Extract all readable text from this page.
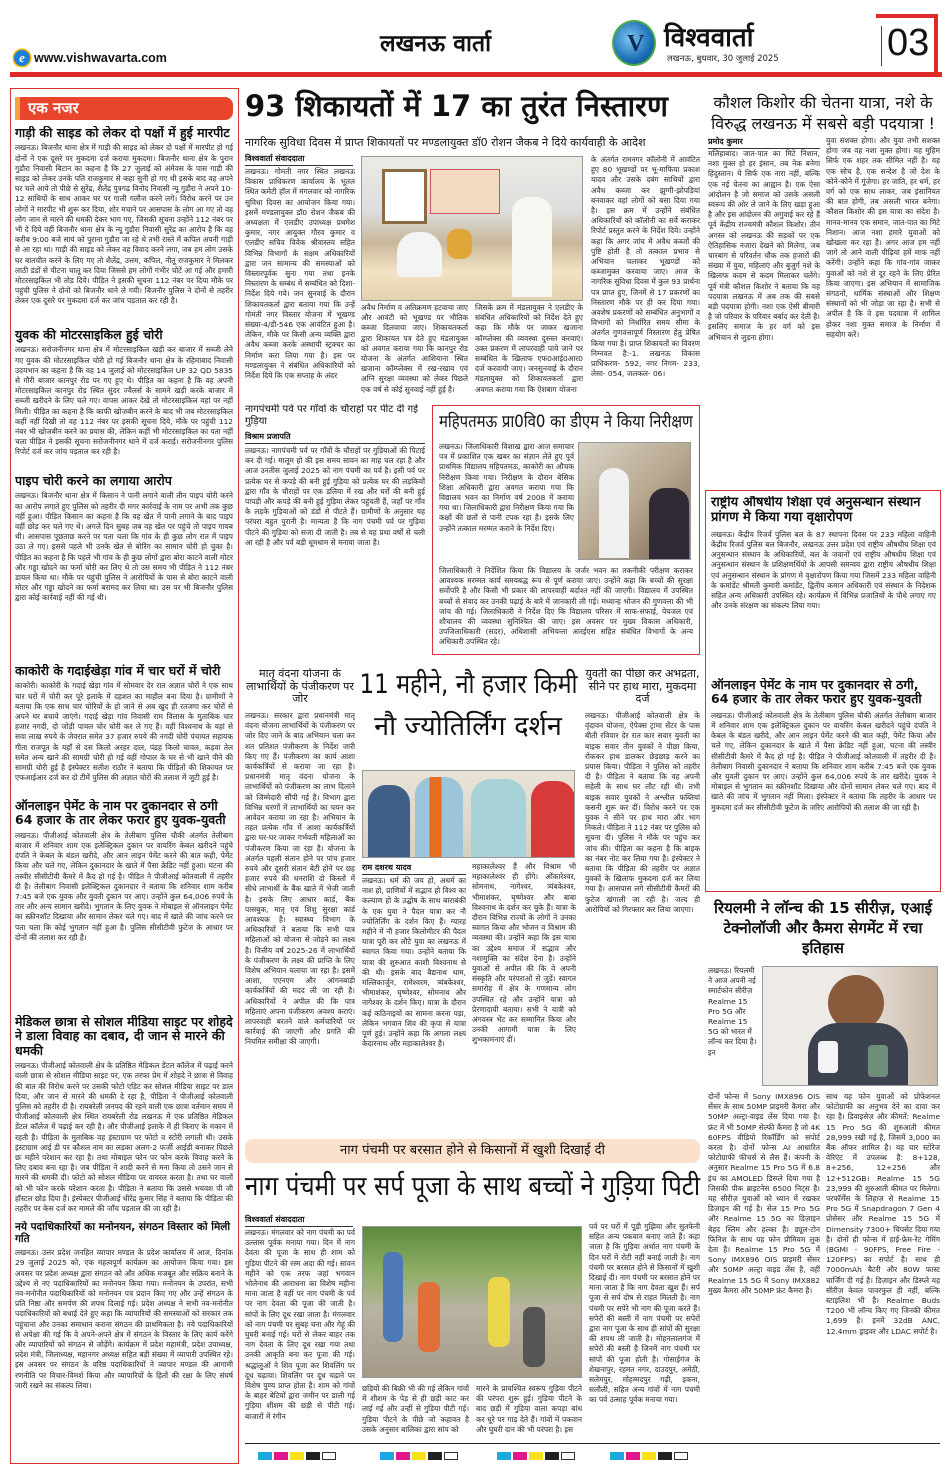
e www.vishwavarta.com
लखनऊ वार्ता	V विश्ववार्ता
लखनऊ, बुधवार, 30 जुलाई 2025	03
एक नजर
गाड़ी की साइड को लेकर दो पक्षों में हुई मारपीट
लखनऊ। बिजनौर थाना क्षेत्र में गाड़ी की साइड को लेकर दो पक्षों में मारपीट हो गई दोनों ने एक दूसरे पर मुकदमा दर्ज कराया मुकदमा। बिजनौर थाना क्षेत्र के पुरान गुडौरा निवासी बिटान का कहना है कि 27 जुलाई को अंमेवस के पास गाड़ी की साइड को लेकर उनके पति राजकुमार से कहा सुनी हो गए थी इसके बाद वह अपने घर चले आये तो पीछे से सुरेंद्र, शैलेंद्र पुत्रगढ़ विनोद निवासी न्यू गुडौरा ने अपने 10-12 साथियों के साथ आकर घर पर गाली गलौज करने लगे। विरोध करने पर उन लोगों ने मारपीट भी शुरू कर दिया, शोर मचाने पर आसपास के लोग आ गए तो वह लोग जान से मारने की धमकी देकर भाग गए, जिसकी सूचना उन्होंने 112 नंबर पर भी दे दिये वहीं बिजनौर थाना क्षेत्र के न्यू गुडौरा निवासी सुरेंद्र का आरोप है कि वह करीब 9:00 बजे सायं को पुराना गुडौरा जा रहे थे तभी रास्ते में कपिल अपनी गाड़ी से आ रहा था। गाड़ी की साइड को लेकर वह विवाद करने लगा, जब हम लोग उसके घर बातचीत करने के लिए गए तो शैलेंद्र, उत्तम, कपिल, नीतू राजकुमार ने मिलकर लाठी डंडों से पीटना चालू कर दिया जिससे हम लोगों गंभीर चोटें आ गई और हमारी मोटरसाइकिल भी तोड़ दिये। पीड़ित ने इसकी सूचना 112 नंबर पर दिया मौके पर पहुंची पुलिस ने दोनों को बिजनौर थाने ले गयी। बिजनौर पुलिस ने दोनों से तहरीर लेकर एक दूसरे पर मुकदमा दर्ज कर जांच पड़ताल कर रही है।
युवक की मोटरसाइकिल हुई चोरी
लखनऊ। सरोजनीनगर थाना क्षेत्र में मोटरसाइकिल खड़ी कर बाजार में सब्जी लेने गए युवक की मोटरसाइकिल चोरी हो गई बिजनौर थाना क्षेत्र के रहिमाबाद निवासी उदयभान का कहना है कि वह 14 जुलाई को मोटरसाइकिल UP 32 QD 5835 से गौरी बाजार कानपुर रोड पर गए हुए थे। पीड़ित का कहना है कि वह अपनी मोटरसाइकिल कानपुर रोड स्थित सुंदर ज्वैलर्स के सामने खड़ी करके बाजार में सब्जी खरीदने के लिए चले गए। वापस आकर देखे तो मोटरसाइकिल वहां पर नहीं मिली। पीड़ित का कहना है कि काफी खोजबीन करने के बाद भी जब मोटरसाइकिल कहीं नहीं दिखी तो वह 112 नंबर पर इसकी सूचना दिये, मौके पर पहुंची 112 नंबर भी खोजबीन करने का प्रयास की, लेकिन कहीं भी मोटरसाइकिल का पता नहीं चला पीड़ित ने इसकी सूचना सरोजनीनगर थाने में दर्ज कराई। सरोजनीनगर पुलिस रिपोर्ट दर्ज कर जांच पड़ताल कर रही है।
पाइप चोरी करने का लगाया आरोप
लखनऊ। बिजनौर थाना क्षेत्र में किसान ने पानी लगाने वाली तीन पाइप चोरी करने का आरोप लगाते हुए पुलिस को तहरीर दी मगर कार्रवाई के नाम पर अभी तक कुछ नहीं हुआ। पीड़ित किसान का कहना है कि वह खेत में पानी लगाने के बाद पाइप वहीं छोड़ कर चले गए थे। अगले दिन सुबह जब वह खेत पर पहुंचे तो पाइप गायब थी। आसपास पूछताछ करने पर पता चला कि गांव के ही कुछ लोग रात में पाइप उठा ले गए। इससे पहले भी उनके खेत से बोरिंग का सामान चोरी हो चुका है। पीड़ित का कहना है कि पहले भी गांव के ही कुछ लोगों द्वारा बोरा काटने वाली मोटर और गड्ढा खोदने का फर्मा चोरी कर लिए थे तो उस समय भी पीड़ित ने 112 नंबर डायल किया था। मौके पर पहुंची पुलिस ने आरोपियों के पास से बोरा काटने वाली मोटर और गड्ढा खोदने का फर्मा बरामद कर लिया था। उस पर भी बिजनौर पुलिस द्वारा कोई कार्रवाई नहीं की गई थी।
काकोरी के गदाईखेड़ा गांव में चार घरों में चोरी
काकोरी। काकोरी के गदाई खेड़ा गांव में सोमवार देर रात अज्ञात चोरों ने एक साथ चार घरों में चोरी कर पूरे इलाके में दहशत का माहौल बना दिया है। ग्रामीणों ने बताया कि एक साथ चार चोरियों के हो जाने से अब खुद ही रतजगा कर चोरों से अपने घर बचाये जाएंगे। गदाई खेड़ा गांव निवासी राम विलास के मुताबिक चार हजार नगदी, दो जोड़ी पायल चोर चोरी कर ले गए हैं। वहीं विश्वनाथ के यहां से सवा लाख रुपये के जेवरात समेत 37 हजार रुपये की नगदी चोरी पंचायत सहायक गीता राजपूत के यहाँ से दस किलो अरहर दाल, पंद्रह किलो चावल, कड़वा तेल समेत अन्य खाने की सामग्री चोरी हो गई वहीं गोपाल के घर से भी खाने पीने की सामग्री चोरी हुई है इंस्पेक्टर सतीश राठौर ने बताया कि पीड़ितों की शिकायत पर एफआईआर दर्ज कर दो टीमें पुलिस की अज्ञात चोरों की तलाश में जुटी हुई है।
ऑनलाइन पेमेंट के नाम पर दुकानदार से ठगी 64 हजार के तार लेकर फरार हुए युवक-युवती
लखनऊ। पीजीआई कोतवाली क्षेत्र के तेलीबाग पुलिस चौकी अंतर्गत तेलीबाग बाजार में शनिवार शाम एक इलेक्ट्रिकल दुकान पर वायरिंग केबल खरीदने पहुंचे दंपति ने केबल के बंडल खरीदे, और आन लाइन पेमेंट करने की बात कही, पेमेंट किया और चले गए, लेकिन दुकानदार के खाते में पैसा क्रेडिट नहीं हुआ। घटना की तस्वीर सीसीटीवी कैमरे में कैद हो गई है। पीड़ित ने पीजीआई कोतवाली में तहरीर दी है। तेलीबाग निवासी इलेक्ट्रिकल दुकानदार ने बताया कि शनिवार शाम करीब 7:45 बजे एक युवक और युवती दुकान पर आए। उन्होंने कुल 64,006 रुपये के तार और अन्य सामान खरीदे। भुगतान के लिए युवक ने मोबाइल से ऑनलाइन पेमेंट का स्क्रीनशॉट दिखाया और सामान लेकर चले गए। बाद में खाते की जांच करने पर पता चला कि कोई भुगतान नहीं हुआ है। पुलिस सीसीटीवी फुटेज के आधार पर दोनों की तलाश कर रही है।
मेडिकल छात्रा से सोशल मीडिया साइट पर शोहदे ने डाला विवाह का दबाव, दी जान से मारने की धमकी
लखनऊ। पीजीआई कोतवाली क्षेत्र के प्रतिष्ठित मेडिकल डेंटल कॉलेज में पढ़ाई करने वाली छात्रा से सोशल मीडिया साइट पर, एक तरफा प्रेम में शोहदे ने छात्रा से विवाह की बात की विरोध करने पर उसकी फोटो एडिट कर सोशल मीडिया साइट पर डाल दिया, और जान से मारने की धमकी दे रहा है, पीड़िता ने पीजीआई कोतवाली पुलिस को तहरीर दी है। रायबरेली जनपद की रहने वाली एक छात्रा वर्तमान समय में पीजीआई कोतवाली क्षेत्र स्थित रायबरेली रोड लखनऊ में एक प्रतिष्ठित मेडिकल डेंटल कॉलेज में पढ़ाई कर रही है। और पीजीआई इलाके में ही किराए के मकान में रहती है। पीड़िता के मुताबिक वह इंस्टाग्राम पर फोटो व स्टोरी लगाती थी। उसके इंस्टाग्राम आई डी पर कौशल नाम का लड़का अलग-2 फर्जी आईडी बनाकर पिछले छः महीने परेशान कर रहा है। तथा मोबाइल फोन पर फोन करके विवाह करने के लिए दबाव बना रहा है। जब पीड़िता ने शादी करने से मना किया तो उसने जान से मारने की धमकी दी। फोटो को सोशल मीडिया पर वायरल करता है। तथा घर वालों को भी फोन करके परेशान करता है। पीड़िता ने बताया कि उससे भयवश पी जी हॉस्टल छोड़ दिया है। इंस्पेक्टर पीजीआई धीरेंद्र कुमार सिंह ने बताया कि पीड़िता की तहरीर पर केस दर्ज कर मामले की जाँच पड़ताल की जा रही है।
नये पदाधिकारियों का मनोनयन, संगठन विस्तार को मिली गति
लखनऊ। उत्तर प्रदेश जनहित व्यापार मण्डल के प्रदेश कार्यालय में आज, दिनांक 29 जुलाई 2025 को, एक महत्वपूर्ण कार्यक्रम का आयोजन किया गया। इस अवसर पर प्रदेश अध्यक्ष द्वारा संगठन को और अधिक मजबूत और सक्रिय बनाने के उद्देश्य से नए पदाधिकारियों का मनोनयन किया गया। मनोनयन के उपरांत, सभी नव-मनोनीत पदाधिकारियों को मनोनयन पत्र प्रदान किए गए और उन्हें संगठन के प्रति निष्ठा और समर्पण की शपथ दिलाई गई। प्रदेश अध्यक्ष ने सभी नव-मनोनीत पदाधिकारियों को बधाई देते हुए कहा कि व्यापारियों की समस्याओं को सरकार तक पहुंचाना और उनका समाधान कराना संगठन की प्राथमिकता है। नये पदाधिकारियों से अपेक्षा की गई कि वे अपने-अपने क्षेत्र में संगठन के विस्तार के लिए कार्य करेंगे और व्यापारियों को संगठन से जोड़ेंगे। कार्यक्रम में प्रदेश महामंत्री, प्रदेश उपाध्यक्ष, प्रदेश मंत्री, जिलाध्यक्ष, महानगर अध्यक्ष सहित बड़ी संख्या में व्यापारी उपस्थित रहे। इस अवसर पर संगठन के वरिष्ठ पदाधिकारियों ने व्यापार मण्डल की आगामी रणनीति पर विचार-विमर्श किया और व्यापारियों के हितों की रक्षा के लिए संघर्ष जारी रखने का संकल्प लिया।
93 शिकायतों में 17 का तुरंत निस्तारण
नागरिक सुविधा दिवस में प्राप्त शिकायतों पर मण्डलायुक्त डॉ0 रोशन जैकब ने दिये कार्यवाही के आदेश
विश्ववार्ता संवाददाता
लखनऊ। गोमती नगर स्थित लखनऊ विकास प्राधिकरण कार्यालय के भूतल स्थित कमेटी हॉल में मंगलवार को नागरिक सुविधा दिवस का आयोजन किया गया। इसमें मण्डलायुक्त डॉ0 रोशन जैकब की अध्यक्षता में एलडीए उपाध्यक्ष प्रथमेश कुमार, नगर आयुक्त गौरव कुमार व एलडीए सचिव विवेक श्रीवास्तव सहित विभिन्न विभागों के सक्षम अधिकारियों द्वारा जन सामान्य की समस्याओं को विस्तारपूर्वक सुना गया तथा इनके निस्तारण के सम्बंध में सम्बंधित को दिशा-निर्देश दिये गये। जन सुनवाई के दौरान शिकायतकर्ता द्वारा बताया गया कि उन्हें गोमती नगर विस्तार योजना में भूखण्ड संख्या-4/डी-546 एक आवंटित हुआ है। लेकिन, मौके पर किसी अन्य व्यक्ति द्वारा अवैध कब्जा करके अस्थायी स्ट्रक्चर का निर्माण करा लिया गया है। इस पर मण्डलायुक्त ने संबंधित अधिकारियों को निर्देश दिये कि एक सप्ताह के अंदर
अवैध निर्माण व अतिक्रमण हटवाया जाए और आवंटी को भूखण्ड पर भौतिक कब्जा दिलवाया जाए। शिकायतकर्ता द्वारा शिकायत पत्र देते हुए मंडलायुक्त को अवगत कराया गया कि कानपुर रोड योजना के अंतर्गत आशियाना स्थित खजाना कॉम्प्लेक्स में रख-रखाव एवं अग्नि सुरक्षा व्यवस्था को लेकर पिछले एक वर्ष से कोई सुनवाई नहीं हुई है।
जिसके क्रम में मंडलायुक्त ने एलडीए के संबंधित अधिकारियों को निर्देश देते हुए कहा कि मौके पर जाकर खजाना कॉम्प्लेक्स की व्यवस्था दुरुस्त करवाएं। उक्त प्रकरण में लापरवाही पाये जाने पर सम्बंधित के खिलाफ एफ0आई0आर0 दर्ज करवायी जाए। जनसुनवाई के दौरान मंडलायुक्त को शिकायतकर्ता द्वारा अवगत कराया गया कि ऐशबाग योजना
के अंतर्गत रामनगर कॉलोनी में आवंटित हुए 80 भूखण्डों पर भू-माफिया प्रकाश यादव और उसके दबंग साथियों द्वारा अवैध कब्जा कर झुग्गी-झोपड़ियां बनवाकर वहां लोगों को बसा दिया गया है। इस क्रम में उन्होंने संबंधित अधिकारियों को कॉलोनी का सर्वे कराकर रिपोर्ट प्रस्तुत करने के निर्देश दिये। उन्होंने कहा कि अगर जांच में अवैध कब्जों की पुष्टि होती है तो तत्काल प्रभाव से अभियान चलाकर भूखण्डों को कब्जामुक्त करवाया जाए। आज के नागरिक सुविधा दिवस में कुल 93 प्रार्थना पत्र प्राप्त हुए, जिनमें से 17 प्रकरणों का निस्तारण मौके पर ही कर दिया गया। अवशेष प्रकरणों को सम्बंधित अनुभागों व विभागों को निर्धारित समय सीमा के अंतर्गत गुणवत्तापूर्ण निस्तारण हेतु प्रेषित किया गया है। प्राप्त शिकायतों का विवरण निम्नवत है:-1. लखनऊ विकास प्राधिकरण- 592, नगर निगम- 233, लेसा- 054, जलकल- 06।
नागपंचमी पर्व पर गाँवों के चौराहों पर पीट दी गई गुड़िया
विश्राम प्रजापति
लखनऊ। नागपंचमी पर्व पर गाँवों के चौराहों पर गुड़ियाओं की पिटाई कर दी गई। मालूम हो की इस समय सावन का माह चल रहा है और आज उनतीस जुलाई 2025 को नाग पंचमी का पर्व है। इसी पर्व पर प्रत्येक घर से कपड़े की बनी हुई गुड़िया को प्रत्येक घर की लड़कियों द्वारा गाँव के चौराहों पर एक डलिया में रख और घरों की बनी हुई पापड़ी और कपड़े की बनी हुई गुड़िया लेकर पहुंचती हैं, जहाँ पर गाँव के लड़के गुड़ियाओं को डंडों से पीटते हैं। ग्रामीणों के अनुसार यह परंपरा बहुत पुरानी है। मान्यता है कि नाग पंचमी पर्व पर गुड़िया पीटने की गुड़िया को सजा दी जाती है। तब से यह प्रथा वर्षों से चली आ रही है और पर्व बड़ी धूमधाम से मनाया जाता है।
महिपतमऊ प्रा0वि0 का डीएम ने किया निरीक्षण
लखनऊ। जिलाधिकारी विशाख द्वारा आज समाचार पत्र में प्रकाशित एक खबर का संज्ञान लेते हुए पूर्व प्राथमिक विद्यालय महिपतमऊ, काकोरी का औचक निरीक्षण किया गया। निरीक्षण के दौरान बेसिक शिक्षा अधिकारी द्वारा अवगत कराया गया कि विद्यालय भवन का निर्माण वर्ष 2008 में कराया गया था। जिलाधिकारी द्वारा निरीक्षण किया गया कि कक्षों की छतों से पानी टपक रहा है। इसके लिए उन्होंने तत्काल मरम्मत कराने के निर्देश दिए।
जिलाधिकारी ने निर्देशित किया कि विद्यालय के जर्जर भवन का तकनीकी परीक्षण कराकर आवश्यक मरम्मत कार्य समयबद्ध रूप से पूर्ण कराया जाए। उन्होंने कहा कि बच्चों की सुरक्षा सर्वोपरि है और किसी भी प्रकार की लापरवाही बर्दाश्त नहीं की जाएगी। विद्यालय में उपस्थित बच्चों से संवाद कर उनकी पढ़ाई के बारे में जानकारी ली गई। मध्यान्ह भोजन की गुणवत्ता की भी जांच की गई। जिलाधिकारी ने निर्देश दिए कि विद्यालय परिसर में साफ-सफाई, पेयजल एवं शौचालय की व्यवस्था सुनिश्चित की जाए। इस अवसर पर मुख्य विकास अधिकारी, उपजिलाधिकारी (सदर), अधिशासी अभियन्ता आरईएस सहित संबंधित विभागों के अन्य अधिकारी उपस्थित रहे।
मातृ वंदना योजना के लाभार्थियों के पंजीकरण पर जोर
लखनऊ। सरकार द्वारा प्रधानमंत्री मातृ वंदना योजना लाभार्थियों के पंजीकरण पर जोर दिए जाने के बाद अभियान चला कर शत प्रतिशत पंजीकरण के निर्देश जारी किए गए हैं। पंजीकरण का कार्य आशा कार्यकर्त्रियों से कराया जा रहा है। प्रधानमंत्री मातृ वंदना योजना के लाभार्थियों को पंजीकरण का लाभ दिलाने को जिम्मेदारी सौंपी गई है। विभाग द्वारा विभिन्न चरणों में लाभार्थियों का चयन कर आवेदन कराया जा रहा है। अभियान के तहत प्रत्येक गाँव में आशा कार्यकर्त्रियों द्वारा घर-घर जाकर गर्भवती महिलाओं का पंजीकरण किया जा रहा है। योजना के अंतर्गत पहली संतान होने पर पांच हजार रुपये और दूसरी संतान बेटी होने पर छह हजार रुपये की धनराशि दो किस्तों में सीधे लाभार्थी के बैंक खाते में भेजी जाती है। इसके लिए आधार कार्ड, बैंक पासबुक, मातृ एवं शिशु सुरक्षा कार्ड आवश्यक है। स्वास्थ्य विभाग के अधिकारियों ने बताया कि सभी पात्र महिलाओं को योजना से जोड़ने का लक्ष्य है। वित्तीय वर्ष 2025-26 में लाभार्थियों के पंजीकरण के लक्ष्य की प्राप्ति के लिए विशेष अभियान चलाया जा रहा है। इसमें आशा, एएनएम और आंगनबाड़ी कार्यकर्त्रियों की मदद ली जा रही है। अधिकारियों ने अपील की कि पात्र महिलाएं अपना पंजीकरण अवश्य कराएं। लापरवाही बरतने वाले कर्मचारियों पर कार्रवाई की जाएगी और प्रगति की नियमित समीक्षा की जाएगी।
11 महीने, नौ हजार किमी
नौ ज्योतिर्लिंग दर्शन
राम दशरथ यादव
लखनऊ। धर्म की जय हो, अधर्म का नाश हो, प्राणियों में सद्भाव हो विश्व का कल्याण हो के उद्घोष के साथ बाराबंकी के एक युवा ने पैदल यात्रा कर नौ ज्योतिर्लिंग के दर्शन किए हैं। ग्यारह महीने में नौ हजार किलोमीटर की पैदल यात्रा पूरी कर लौटे युवा का लखनऊ में स्वागत किया गया। उन्होंने बताया कि यात्रा की शुरुआत काशी विश्वनाथ से की थी। इसके बाद बैद्यनाथ धाम, मल्लिकार्जुन, रामेश्वरम, त्र्यंबकेश्वर, भीमाशंकर, घृष्णेश्वर, सोमनाथ और नागेश्वर के दर्शन किए। यात्रा के दौरान कई कठिनाइयों का सामना करना पड़ा, लेकिन भगवान शिव की कृपा से यात्रा पूर्ण हुई। उन्होंने कहा कि अगला लक्ष्य केदारनाथ और महाकालेश्वर है।
महाकालेश्वर हैं और विश्राम भी महाकालेश्वर ही होंगे। ओंकारेश्वर, सोमनाथ, नागेश्वर, त्र्यंबकेश्वर, भीमाशंकर, घृष्णेश्वर और बाबा विश्वनाथ के दर्शन कर चुके हैं। यात्रा के दौरान विभिन्न राज्यों के लोगों ने उनका स्वागत किया और भोजन व विश्राम की व्यवस्था की। उन्होंने कहा कि इस यात्रा का उद्देश्य समाज में सद्भाव और नशामुक्ति का संदेश देना है। उन्होंने युवाओं से अपील की कि वे अपनी संस्कृति और परंपराओं से जुड़ें। स्वागत समारोह में क्षेत्र के गणमान्य लोग उपस्थित रहे और उन्होंने यात्रा को प्रेरणादायी बताया। सभी ने यात्री को अंगवस्त्र भेंट कर सम्मानित किया और उनकी आगामी यात्रा के लिए शुभकामनाएं दीं।
युवती का पीछा कर अभद्रता, सीने पर हाथ मारा, मुकदमा दर्ज
लखनऊ। पीजीआई कोतवाली क्षेत्र के वृंदावन योजना, ऐपेक्स ट्रामा सेंटर के पास बीती रविवार देर रात कार सवार युवती का बाइक सवार तीन युवकों ने पीछा किया, रोककर हाथ डालकर छेड़छाड़ करने का प्रयास किया। पीड़िता ने पुलिस को तहरीर दी है। पीड़िता ने बताया कि वह अपनी सहेली के साथ घर लौट रही थी। तभी बाइक सवार युवकों ने अश्लील फब्तियां कसनी शुरू कर दीं। विरोध करने पर एक युवक ने सीने पर हाथ मारा और भाग निकले। पीड़िता ने 112 नंबर पर पुलिस को सूचना दी। पुलिस ने मौके पर पहुंच कर जांच की। पीड़िता का कहना है कि बाइक का नंबर नोट कर लिया गया है। इंस्पेक्टर ने बताया कि पीड़िता की तहरीर पर अज्ञात युवकों के खिलाफ मुकदमा दर्ज कर लिया गया है। आसपास लगे सीसीटीवी कैमरों की फुटेज खंगाली जा रही है। जल्द ही आरोपियों को गिरफ्तार कर लिया जाएगा।
नाग पंचमी पर बरसात होने से किसानों में खुशी दिखाई दी
नाग पंचमी पर सर्प पूजा के साथ बच्चों ने गुड़िया पिटी
विश्ववार्ता संवाददाता
लखनऊ। मंगलवार को नाग पंचमी का पर्व उल्लास पूर्वक मनाया गया। दिन में नाग देवता की पूजा के साथ ही शाम को गुड़िया पीटने की रस्म अदा की गई। सावन महीने को एक तरफ जहां भगवान भोलेनाथ की आराधना का विशेष महीना माना जाता है वहीं पर नाग पंचमी के पर्व पर नाग देवता की पूजा की जाती है। सांपों के लिए दूध रखा जाता है। मंगलवार को नाग पंचमी पर सुबह चना और गेहूं की घुघरी बनाई गई। घरों से लेकर बाहर तक नाग देवता के लिए दूध रखा गया तथा उनकी आकृति बना कर पूजा की गई। श्रद्धालुओं ने शिव पूजा कर शिवलिंग पर दूध चढ़ाया। शिवलिंग पर दूध चढ़ाने पर विशेष पुण्य प्राप्त होता है। शाम को गांवों के बाहर बेटियों द्वारा जमीन पर डाली गई गुड़िया शीशम की छड़ी से पीटी गई। बाजारों में रंगीन
छड़ियों की बिक्री भी की गई लेकिन गांवों में शीशम के पेड़ से ही छड़ी काट कर लाई गई और उन्हीं से गुड़िया पीटी गई। गुड़िया पीटने के पीछे जो कहावत है उसके अनुसार बालिका द्वारा सांप को
मारने के प्रायश्चित स्वरूप गुड़िया पीटने की परंपरा शुरू हुई। गुड़िया पीटने के बाद छड़ी में गुड़िया वाला कपड़ा बांध कर घूरे पर गाड़ देते हैं। गांवों में पकवान और घुघरी दान की भी परंपरा है। इस
पर्व पर घरों में पूड़ी गुझिया और सुतफेनी सहित अन्य पकवान बनाए जाते हैं। कहा जाता है कि गुड़िया अर्थात नाग पंचमी के दिन घरों में रोटी नहीं बनाई जाती है। नाग पंचमी पर बरसात होने से किसानों में खुशी दिखाई दी। नाग पंचमी पर बरसात होने पर माना जाता है कि नाग देवता खुश हैं। सर्प पूजा से सर्प दोष से राहत मिलती है। नाग पंचमी पर सपेरे भी नाग की पूजा करते हैं। सपेरों की बस्ती में नाग पंचमी पर सपेरों द्वारा नाग पूजा के साथ ही सांपों की सुरक्षा की शपथ ली जाती है। मोहनलालगंज में सपेरों की बस्ती है जिनमें नाग पंचमी पर सांपों की पूजा होती है। गोसाईगंज के शेखनापुर, रहमत नगर, दाउदपुर, अमेठी, सलेमपुर, मोहम्मदपुर गढ़ी, इकना, सलौली, सहित अन्य गांवों में नाग पंचमी का पर्व उत्साह पूर्वक मनाया गया।
कौशल किशोर की चेतना यात्रा, नशे के विरुद्ध लखनऊ में सबसे बड़ी पदयात्रा !
प्रमोद कुमार
मलिहाबाद। जात-पात का मिटे निशान, नशा मुक्त हो हर इंसान, तब नेक बनेगा हिंदुस्तान। ये सिर्फ एक नारा नहीं, बल्कि एक नई चेतना का आह्वान है। एक ऐसा आंदोलन है जो समाज को उसके असली स्वरूप की ओर ले जाने के लिए खड़ा हुआ है और इस आंदोलन की अगुवाई कर रहे हैं पूर्व केंद्रीय राज्यमंत्री कौशल किशोर। तीन अगस्त को लखनऊ की सड़कों पर एक ऐतिहासिक नजारा देखने को मिलेगा, जब चारबाग से परिवर्तन चौक तक हजारों की संख्या में युवा, महिलाएं और बुजुर्ग नशे के खिलाफ कदम से कदम मिलाकर चलेंगे। पूर्व मंत्री कौशल किशोर ने बताया कि यह पदयात्रा लखनऊ में अब तक की सबसे बड़ी पदयात्रा होगी। नशा एक ऐसी बीमारी है जो परिवार के परिवार बर्बाद कर देती है। इसलिए समाज के हर वर्ग को इस अभियान से जुड़ना होगा।
युवा सशक्त होगा। और युवा तभी सशक्त होगा जब वह नशा मुक्त होगा। यह मुहिम सिर्फ एक शहर तक सीमित नहीं है। यह एक सोच है, एक सन्देश है जो देश के कोने-कोने में गूंजेगा। हर जाति, हर धर्म, हर वर्ग को एक साथ लाकर, जब इंसानियत की बात होगी, तब असली भारत बनेगा। कौशल किशोर की इस यात्रा का संदेश है। मानव-मानव एक समान, जात-पात का मिटे निशान। आज नशा हमारे युवाओं को खोखला कर रहा है। अगर आज हम नहीं जागे तो आने वाली पीढ़ियां हमें माफ नहीं करेंगी। उन्होंने कहा कि गांव-गांव जाकर युवाओं को नशे से दूर रहने के लिए प्रेरित किया जाएगा। इस अभियान में सामाजिक संगठनों, धार्मिक संस्थाओं और शिक्षण संस्थानों को भी जोड़ा जा रहा है। सभी से अपील है कि वे इस पदयात्रा में शामिल होकर नशा मुक्त समाज के निर्माण में सहयोग करें।
राष्ट्रीय औषधीय शिक्षा एवं अनुसन्धान संस्थान प्रांगण मे किया गया वृक्षारोपण
लखनऊ। केंद्रीय रिजर्व पुलिस बल के 87 स्थापना दिवस पर 233 महिला वाहिनी केंद्रीय रिजर्व पुलिस बल बिजनौर, लखनऊ उत्तर प्रदेश एवं राष्ट्रीय औषधीय शिक्षा एवं अनुसन्धान संस्थान के अधिकारियों, बल के जवानों एवं राष्ट्रीय औषधीय शिक्षा एवं अनुसन्धान संस्थान के प्रशिक्षणर्थियों के आपसी समन्वय द्वारा राष्ट्रीय औषधीय शिक्षा एवं अनुसन्धान संस्थान के प्रांगण मे वृक्षारोपण किया गया जिसमें 233 महिला वाहिनी के कमांडेंट श्रीमती कुमारी कमांडेंट, द्वितीय कमान अधिकारी एवं संस्थान के निदेशक सहित अन्य अधिकारी उपस्थित रहे। कार्यक्रम में विभिन्न प्रजातियों के पौधे लगाए गए और उनके संरक्षण का संकल्प लिया गया।
ऑनलाइन पेमेंट के नाम पर दुकानदार से ठगी, 64 हजार के तार लेकर फरार हुए युवक-युवती
लखनऊ। पीजीआई कोतवाली क्षेत्र के तेलीबाग पुलिस चौकी अंतर्गत तेलीबाग बाजार में शनिवार शाम एक इलेक्ट्रिकल दुकान पर वायरिंग केबल खरीदने पहुंचे दंपति ने केबल के बंडल खरीदे, और आन लाइन पेमेंट करने की बात कही, पेमेंट किया और चले गए, लेकिन दुकानदार के खाते में पैसा क्रेडिट नहीं हुआ, घटना की तस्वीर सीसीटीवी कैमरे में कैद हो गई है। पीड़ित ने पीजीआई कोतवाली में तहरीर दी है। तेलीबाग निवासी दुकानदार ने बताया कि शनिवार शाम करीब 7:45 बजे एक युवक और युवती दुकान पर आए। उन्होंने कुल 64,006 रुपये के तार खरीदे। युवक ने मोबाइल से भुगतान का स्क्रीनशॉट दिखाया और दोनों सामान लेकर चले गए। बाद में खाते की जांच में भुगतान नहीं मिला। इंस्पेक्टर ने बताया कि तहरीर के आधार पर मुकदमा दर्ज कर सीसीटीवी फुटेज के जरिए आरोपियों की तलाश की जा रही है।
रियलमी ने लॉन्च की 15 सीरीज़, एआई टेक्नोलॉजी और कैमरा सेगमेंट में रचा इतिहास
लखनऊ। रियलमी ने आज अपनी नई स्मार्टफोन सीरीज़ Realme 15 Pro 5G और Realme 15 5G को भारत में लॉन्च कर दिया है। इन
दोनों फोन्स में Sony IMX896 OIS सेंसर के साथ 50MP प्राइमरी कैमरा और 50MP अल्ट्रा-वाइड लेंस दिया गया है। फ्रंट में भी 50MP सेल्फी कैमरा है जो 4K 60FPS वीडियो रिकॉर्डिंग को सपोर्ट करता है। दोनों फोन्स AI आधारित फोटोग्राफी फीचर्स से लैस हैं। कंपनी के अनुसार Realme 15 Pro 5G में 6.8 इंच का AMOLED डिस्प्ले दिया गया है जिसकी पीक ब्राइटनेस 6500 निट्स है। यह सीरीज़ युवाओं को ध्यान में रखकर डिज़ाइन की गई है। सेल 15 Pro 5G और Realme 15 5G का डिज़ाइन बेहद स्लिम और हल्का है। ड्यूल-टोन फिनिश के साथ यह फोन प्रीमियम लुक देता है। Realme 15 Pro 5G में Sony IMX896 OIS प्राइमरी सेंसर और 50MP अल्ट्रा वाइड लेंस है, वहीं Realme 15 5G में Sony IMX882 मुख्य कैमरा और 50MP फ्रंट कैमरा है।
साथ यह फोन युवाओं को प्रोफेशनल फोटोग्राफी का अनुभव देने का दावा कर रहा है। डिवाइसेज़ और कीमतें: Realme 15 Pro 5G की शुरुआती कीमत 28,999 रखी गई है, जिसमें 3,000 का बैंक ऑफर शामिल है। यह चार स्टोरेज वेरिएंट में उपलब्ध है: 8+128, 8+256, 12+256 और 12+512GB। Realme 15 5G 23,999 की शुरुआती कीमत पर मिलेगा। परफॉर्मेंस के लिहाज़ से Realme 15 Pro 5G में Snapdragon 7 Gen 4 प्रोसेसर और Realme 15 5G में Dimensity 7300+ चिपसेट दिया गया है। दोनों ही फोन्स में हाई-फ्रेम-रेट गेमिंग (BGMI - 90FPS, Free Fire - 120FPS) का सपोर्ट है। साथ ही 7000mAh बैटरी और 80W फास्ट चार्जिंग दी गई है। डिज़ाइन और डिस्प्ले यह सीरीज़ केवल पावरफुल ही नहीं, बल्कि स्टाइलिश भी है। Realme Buds T200 भी लॉन्च किए गए जिनकी कीमत 1,699 है। इनमें 32dB ANC, 12.4mm ड्राइवर और LDAC सपोर्ट है।
